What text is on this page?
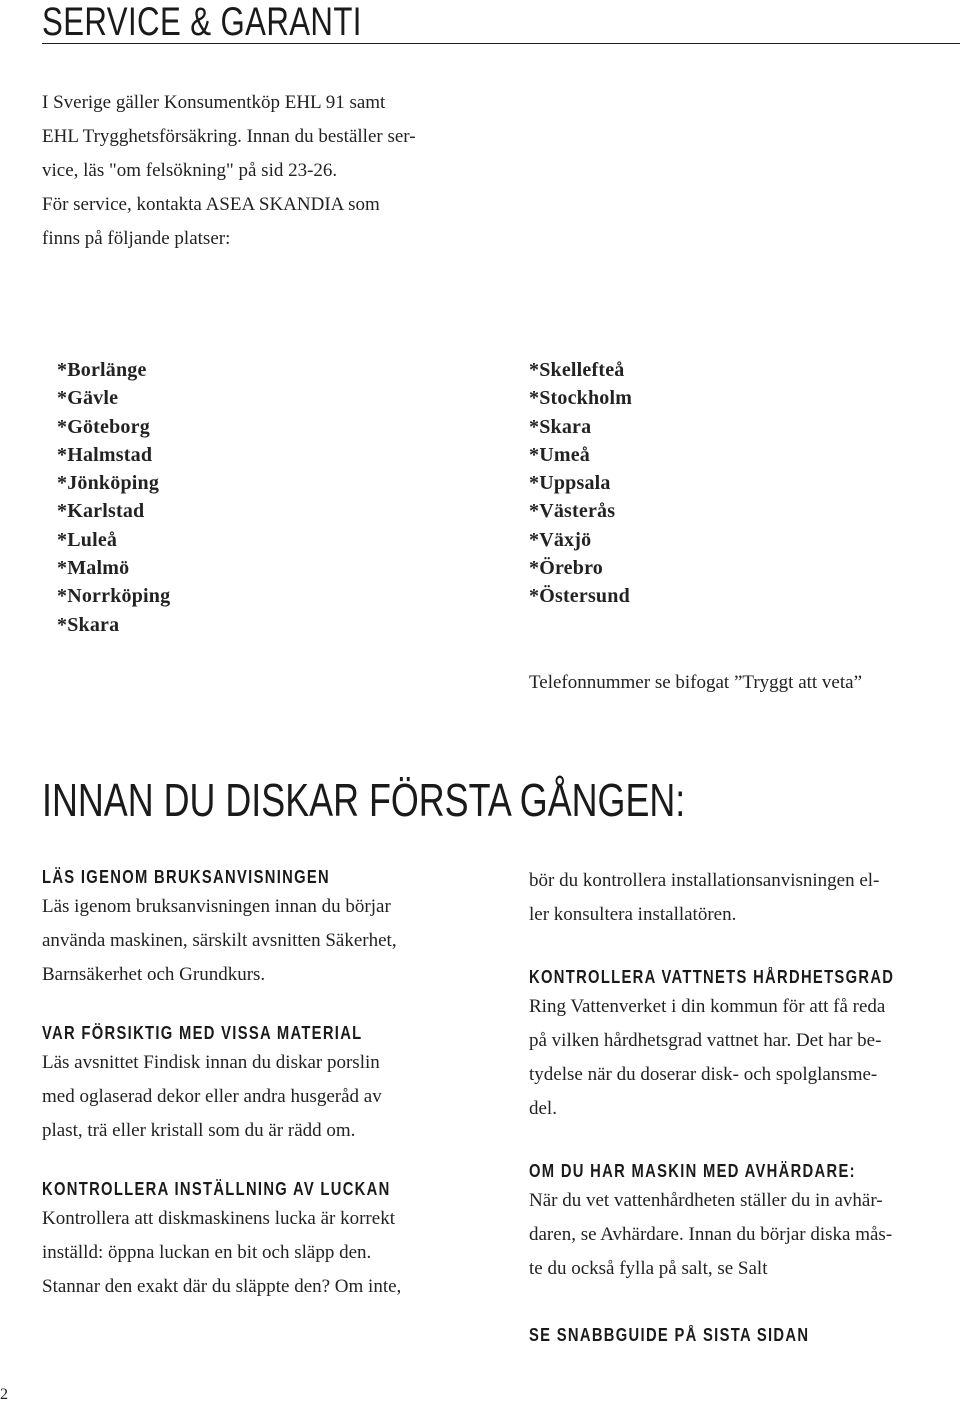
SERVICE & GARANTI
I Sverige gäller Konsumentköp EHL 91 samt
EHL Trygghetsförsäkring. Innan du beställer ser-
vice, läs "om felsökning" på sid 23-26.
För service, kontakta ASEA SKANDIA som
finns på följande platser:
*Borlänge
*Gävle
*Göteborg
*Halmstad
*Jönköping
*Karlstad
*Luleå
*Malmö
*Norrköping
*Skara
*Skellefteå
*Stockholm
*Skara
*Umeå
*Uppsala
*Västerås
*Växjö
*Örebro
*Östersund
Telefonnummer se bifogat ”Tryggt att veta”
INNAN DU DISKAR FÖRSTA GÅNGEN:
LÄS IGENOM BRUKSANVISNINGEN
Läs igenom bruksanvisningen innan du börjar
använda maskinen, särskilt avsnitten Säkerhet,
Barnsäkerhet och Grundkurs.
VAR FÖRSIKTIG MED VISSA MATERIAL
Läs avsnittet Findisk innan du diskar porslin
med oglaserad dekor eller andra husgeråd av
plast, trä eller kristall som du är rädd om.
KONTROLLERA INSTÄLLNING AV LUCKAN
Kontrollera att diskmaskinens lucka är korrekt
inställd: öppna luckan en bit och släpp den.
Stannar den exakt där du släppte den? Om inte,
bör du kontrollera installationsanvisningen el-
ler konsultera installatören.
KONTROLLERA VATTNETS HÅRDHETSGRAD
Ring Vattenverket i din kommun för att få reda
på vilken hårdhetsgrad vattnet har. Det har be-
tydelse när du doserar disk- och spolglansme-
del.
OM DU HAR MASKIN MED AVHÄRDARE:
När du vet vattenhårdheten ställer du in avhär-
daren, se Avhärdare. Innan du börjar diska mås-
te du också fylla på salt, se Salt
SE SNABBGUIDE PÅ SISTA SIDAN
2
